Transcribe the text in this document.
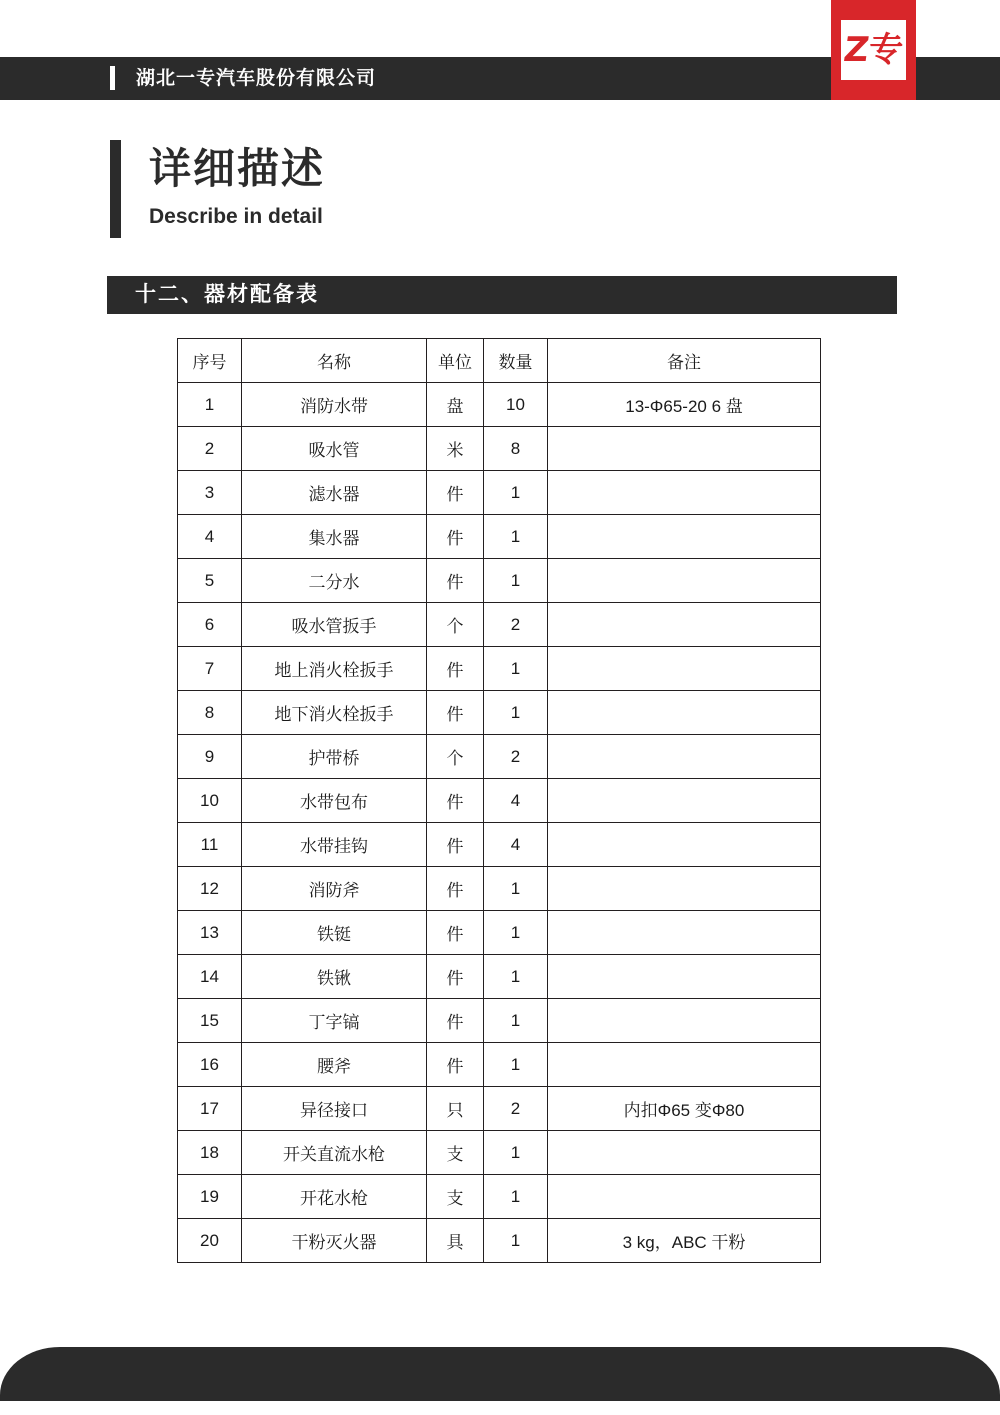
湖北一专汽车股份有限公司
Z专
详细描述
Describe in detail
十二、器材配备表
序号	名称	单位	数量	备注
1	消防水带	盘	10	13-Φ65-20 6 盘
2	吸水管	米	8	
3	滤水器	件	1	
4	集水器	件	1	
5	二分水	件	1	
6	吸水管扳手	个	2	
7	地上消火栓扳手	件	1	
8	地下消火栓扳手	件	1	
9	护带桥	个	2	
10	水带包布	件	4	
11	水带挂钩	件	4	
12	消防斧	件	1	
13	铁铤	件	1	
14	铁锹	件	1	
15	丁字镐	件	1	
16	腰斧	件	1	
17	异径接口	只	2	内扣Φ65 变Φ80
18	开关直流水枪	支	1	
19	开花水枪	支	1	
20	干粉灭火器	具	1	3 kg，ABC 干粉
